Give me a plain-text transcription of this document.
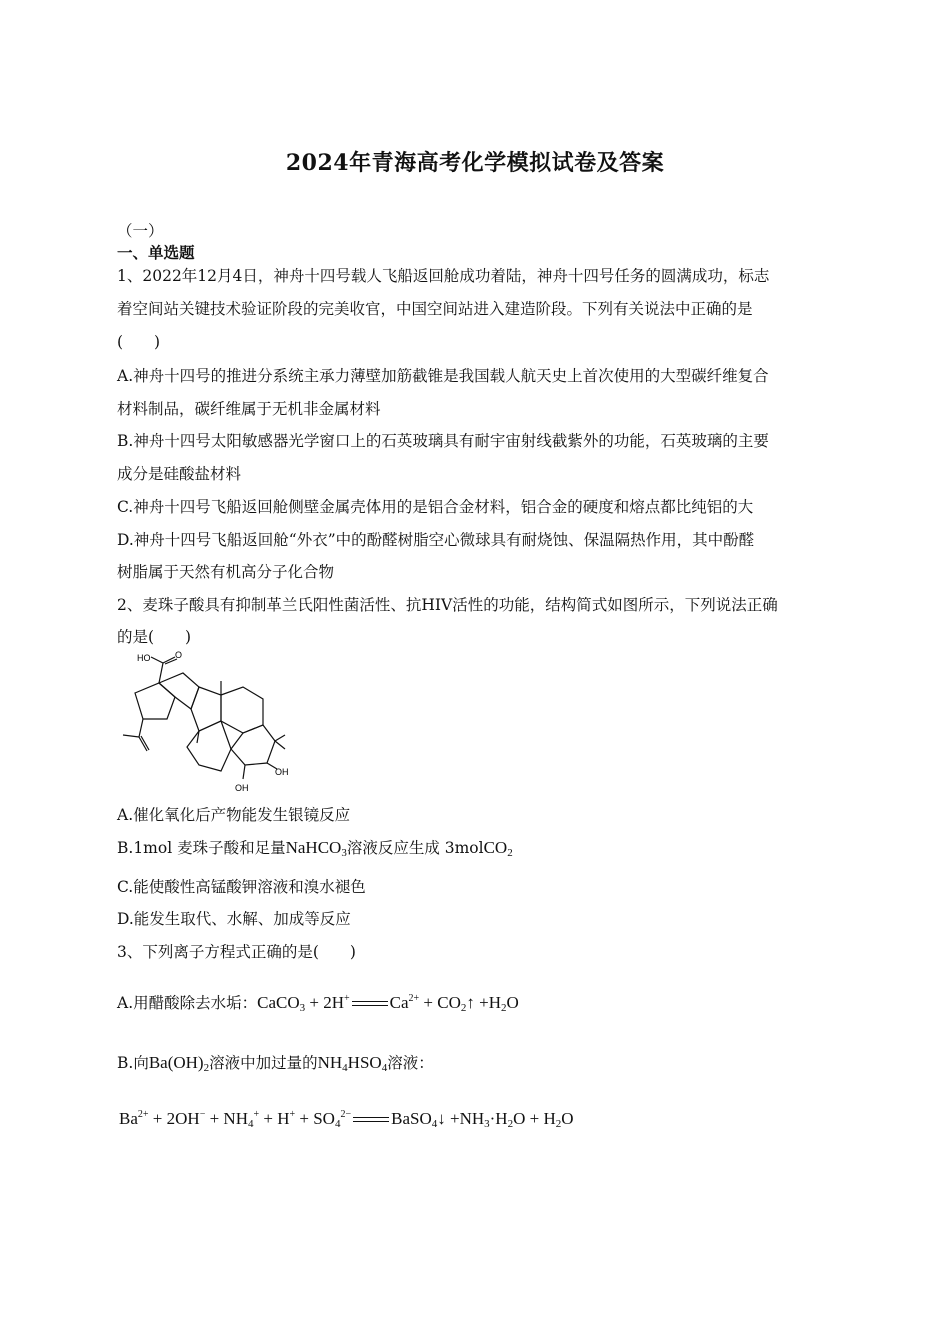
2024年青海高考化学模拟试卷及答案
（一）
一、单选题
1、2022年12月4日，神舟十四号载人飞船返回舱成功着陆，神舟十四号任务的圆满成功，标志
着空间站关键技术验证阶段的完美收官，中国空间站进入建造阶段。下列有关说法中正确的是
(　　)
A.神舟十四号的推进分系统主承力薄壁加筋截锥是我国载人航天史上首次使用的大型碳纤维复合
材料制品，碳纤维属于无机非金属材料
B.神舟十四号太阳敏感器光学窗口上的石英玻璃具有耐宇宙射线截紫外的功能，石英玻璃的主要
成分是硅酸盐材料
C.神舟十四号飞船返回舱侧壁金属壳体用的是铝合金材料，铝合金的硬度和熔点都比纯铝的大
D.神舟十四号飞船返回舱“外衣”中的酚醛树脂空心微球具有耐烧蚀、保温隔热作用，其中酚醛
树脂属于天然有机高分子化合物
2、麦珠子酸具有抑制革兰氏阳性菌活性、抗HIV活性的功能，结构简式如图所示，下列说法正确
的是(　　)
HO	O
OH
OH
A.催化氧化后产物能发生银镜反应
B.1mol 麦珠子酸和足量NaHCO$_3$溶液反应生成 3molCO$_2$
C.能使酸性高锰酸钾溶液和溴水褪色
D.能发生取代、水解、加成等反应
3、下列离子方程式正确的是(　　)
A.用醋酸除去水垢：CaCO$_3$ + 2H+ $Ca^{2+}$ + $CO_2↑ +H_2O$
B.向$Ba(OH)_2$溶液中加过量的$NH_4HSO_4$溶液：
$Ba^{2+} + 2OH^- + NH_4^+ + H^+ + SO_4^{2-}$ BaSO$_4$↓ $+NH_3\cdot H_2O + H_2O$
